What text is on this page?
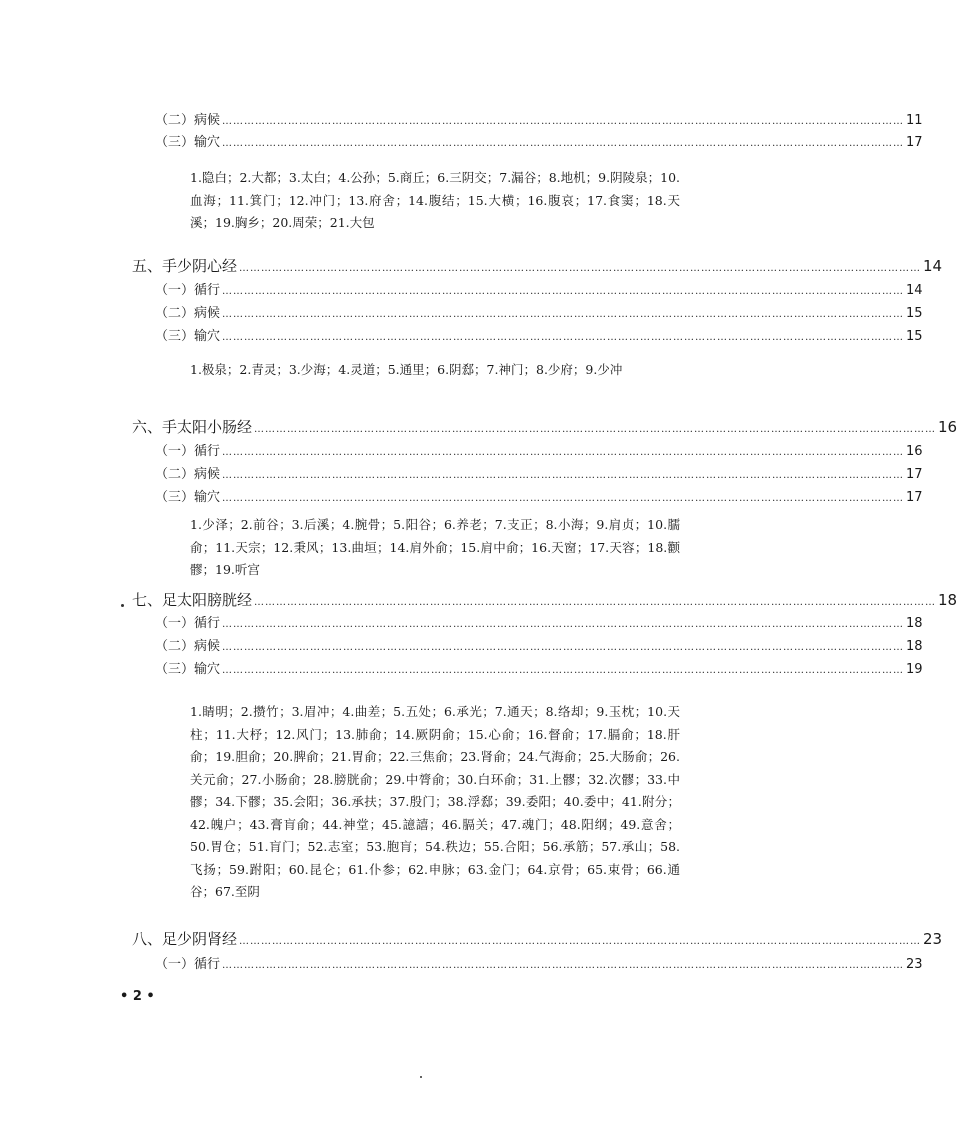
（二）病候 …………………………………………………………………………………………………………………………………………………………………… 11
（三）输穴 …………………………………………………………………………………………………………………………………………………………………… 17

1.隐白；2.大都；3.太白；4.公孙；5.商丘；6.三阴交；7.漏谷；8.地机；9.阴陵泉；10.血海；11.箕门；12.冲门；13.府舍；14.腹结；15.大横；16.腹哀；17.食窦；18.天溪；19.胸乡；20.周荣；21.大包

五、手少阴心经 …………………………………………………………………………………………………………………………………………………………………… 14
（一）循行 …………………………………………………………………………………………………………………………………………………………………… 14
（二）病候 …………………………………………………………………………………………………………………………………………………………………… 15
（三）输穴 …………………………………………………………………………………………………………………………………………………………………… 15

1.极泉；2.青灵；3.少海；4.灵道；5.通里；6.阴郄；7.神门；8.少府；9.少冲

六、手太阳小肠经 …………………………………………………………………………………………………………………………………………………………………… 16
（一）循行 …………………………………………………………………………………………………………………………………………………………………… 16
（二）病候 …………………………………………………………………………………………………………………………………………………………………… 17
（三）输穴 …………………………………………………………………………………………………………………………………………………………………… 17

1.少泽；2.前谷；3.后溪；4.腕骨；5.阳谷；6.养老；7.支正；8.小海；9.肩贞；10.臑俞；11.天宗；12.秉风；13.曲垣；14.肩外俞；15.肩中俞；16.天窗；17.天容；18.颧髎；19.听宫

七、足太阳膀胱经 …………………………………………………………………………………………………………………………………………………………………… 18
（一）循行 …………………………………………………………………………………………………………………………………………………………………… 18
（二）病候 …………………………………………………………………………………………………………………………………………………………………… 18
（三）输穴 …………………………………………………………………………………………………………………………………………………………………… 19

1.睛明；2.攒竹；3.眉冲；4.曲差；5.五处；6.承光；7.通天；8.络却；9.玉枕；10.天柱；11.大杼；12.风门；13.肺俞；14.厥阴俞；15.心俞；16.督俞；17.膈俞；18.肝俞；19.胆俞；20.脾俞；21.胃俞；22.三焦俞；23.肾俞；24.气海俞；25.大肠俞；26.关元俞；27.小肠俞；28.膀胱俞；29.中膂俞；30.白环俞；31.上髎；32.次髎；33.中髎；34.下髎；35.会阳；36.承扶；37.殷门；38.浮郄；39.委阳；40.委中；41.附分；42.魄户；43.膏肓俞；44.神堂；45.譩譆；46.膈关；47.魂门；48.阳纲；49.意舍；50.胃仓；51.肓门；52.志室；53.胞肓；54.秩边；55.合阳；56.承筋；57.承山；58.飞扬；59.跗阳；60.昆仑；61.仆参；62.申脉；63.金门；64.京骨；65.束骨；66.通谷；67.至阴

八、足少阴肾经 …………………………………………………………………………………………………………………………………………………………………… 23
（一）循行 …………………………………………………………………………………………………………………………………………………………………… 23
• 2 •
